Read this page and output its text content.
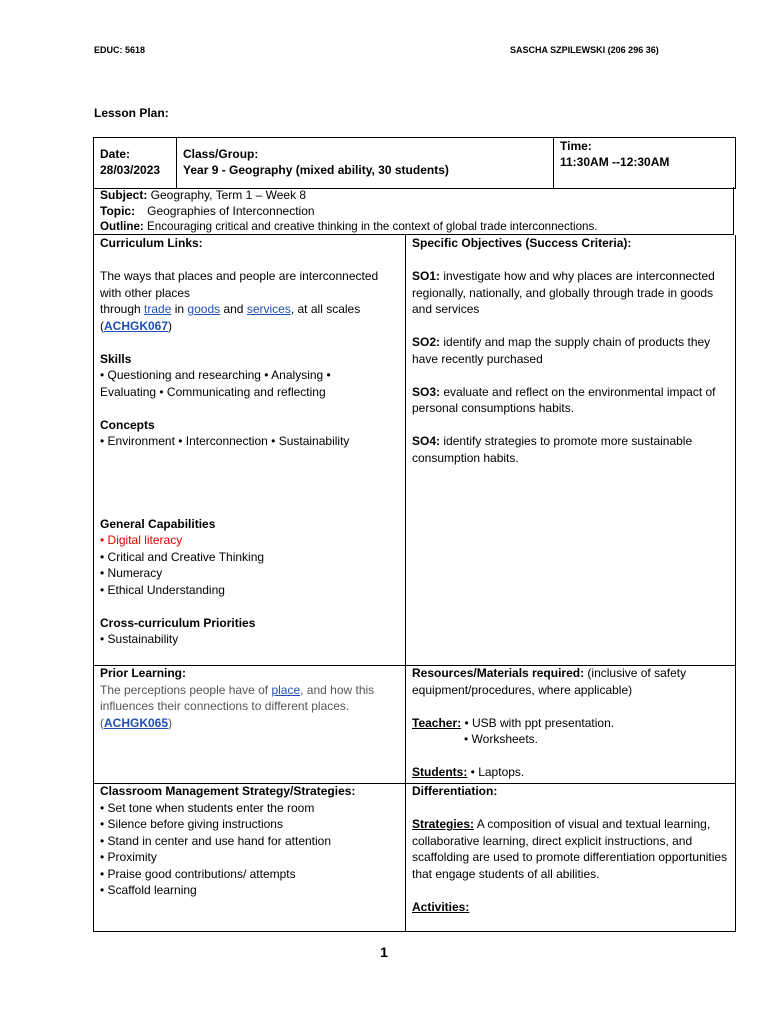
EDUC: 5618	SASCHA SZPILEWSKI (206 296 36)
Lesson Plan:
Date:
28/03/2023
Class/Group:
Year 9 - Geography (mixed ability, 30 students)
Time:
11:30AM --12:30AM
Subject: Geography, Term 1 – Week 8
Topic: Geographies of Interconnection
Outline: Encouraging critical and creative thinking in the context of global trade interconnections.

Curriculum Links:

The ways that places and people are interconnected with other places
through trade in goods and services, at all scales
(ACHGK067)

Skills

• Questioning and researching • Analysing •

Evaluating • Communicating and reflecting

Concepts

• Environment • Interconnection • Sustainability

General Capabilities

• Digital literacy

• Critical and Creative Thinking

• Numeracy

• Ethical Understanding

Cross-curriculum Priorities

• Sustainability

Specific Objectives (Success Criteria):

SO1: investigate how and why places are interconnected regionally, nationally, and globally through trade in goods and services

SO2: identify and map the supply chain of products they have recently purchased

SO3: evaluate and reflect on the environmental impact of personal consumptions habits.

SO4: identify strategies to promote more sustainable consumption habits.

Prior Learning:

The perceptions people have of place, and how this influences their connections to different places.
(ACHGK065)

Resources/Materials required: (inclusive of safety equipment/procedures, where applicable)

Teacher: • USB with ppt presentation.

• Worksheets.

Students: • Laptops.

Classroom Management Strategy/Strategies:

• Set tone when students enter the room

• Silence before giving instructions

• Stand in center and use hand for attention

• Proximity

• Praise good contributions/ attempts

• Scaffold learning

Differentiation:

Strategies: A composition of visual and textual learning, collaborative learning, direct explicit instructions, and scaffolding are used to promote differentiation opportunities that engage students of all abilities.

Activities:

1
